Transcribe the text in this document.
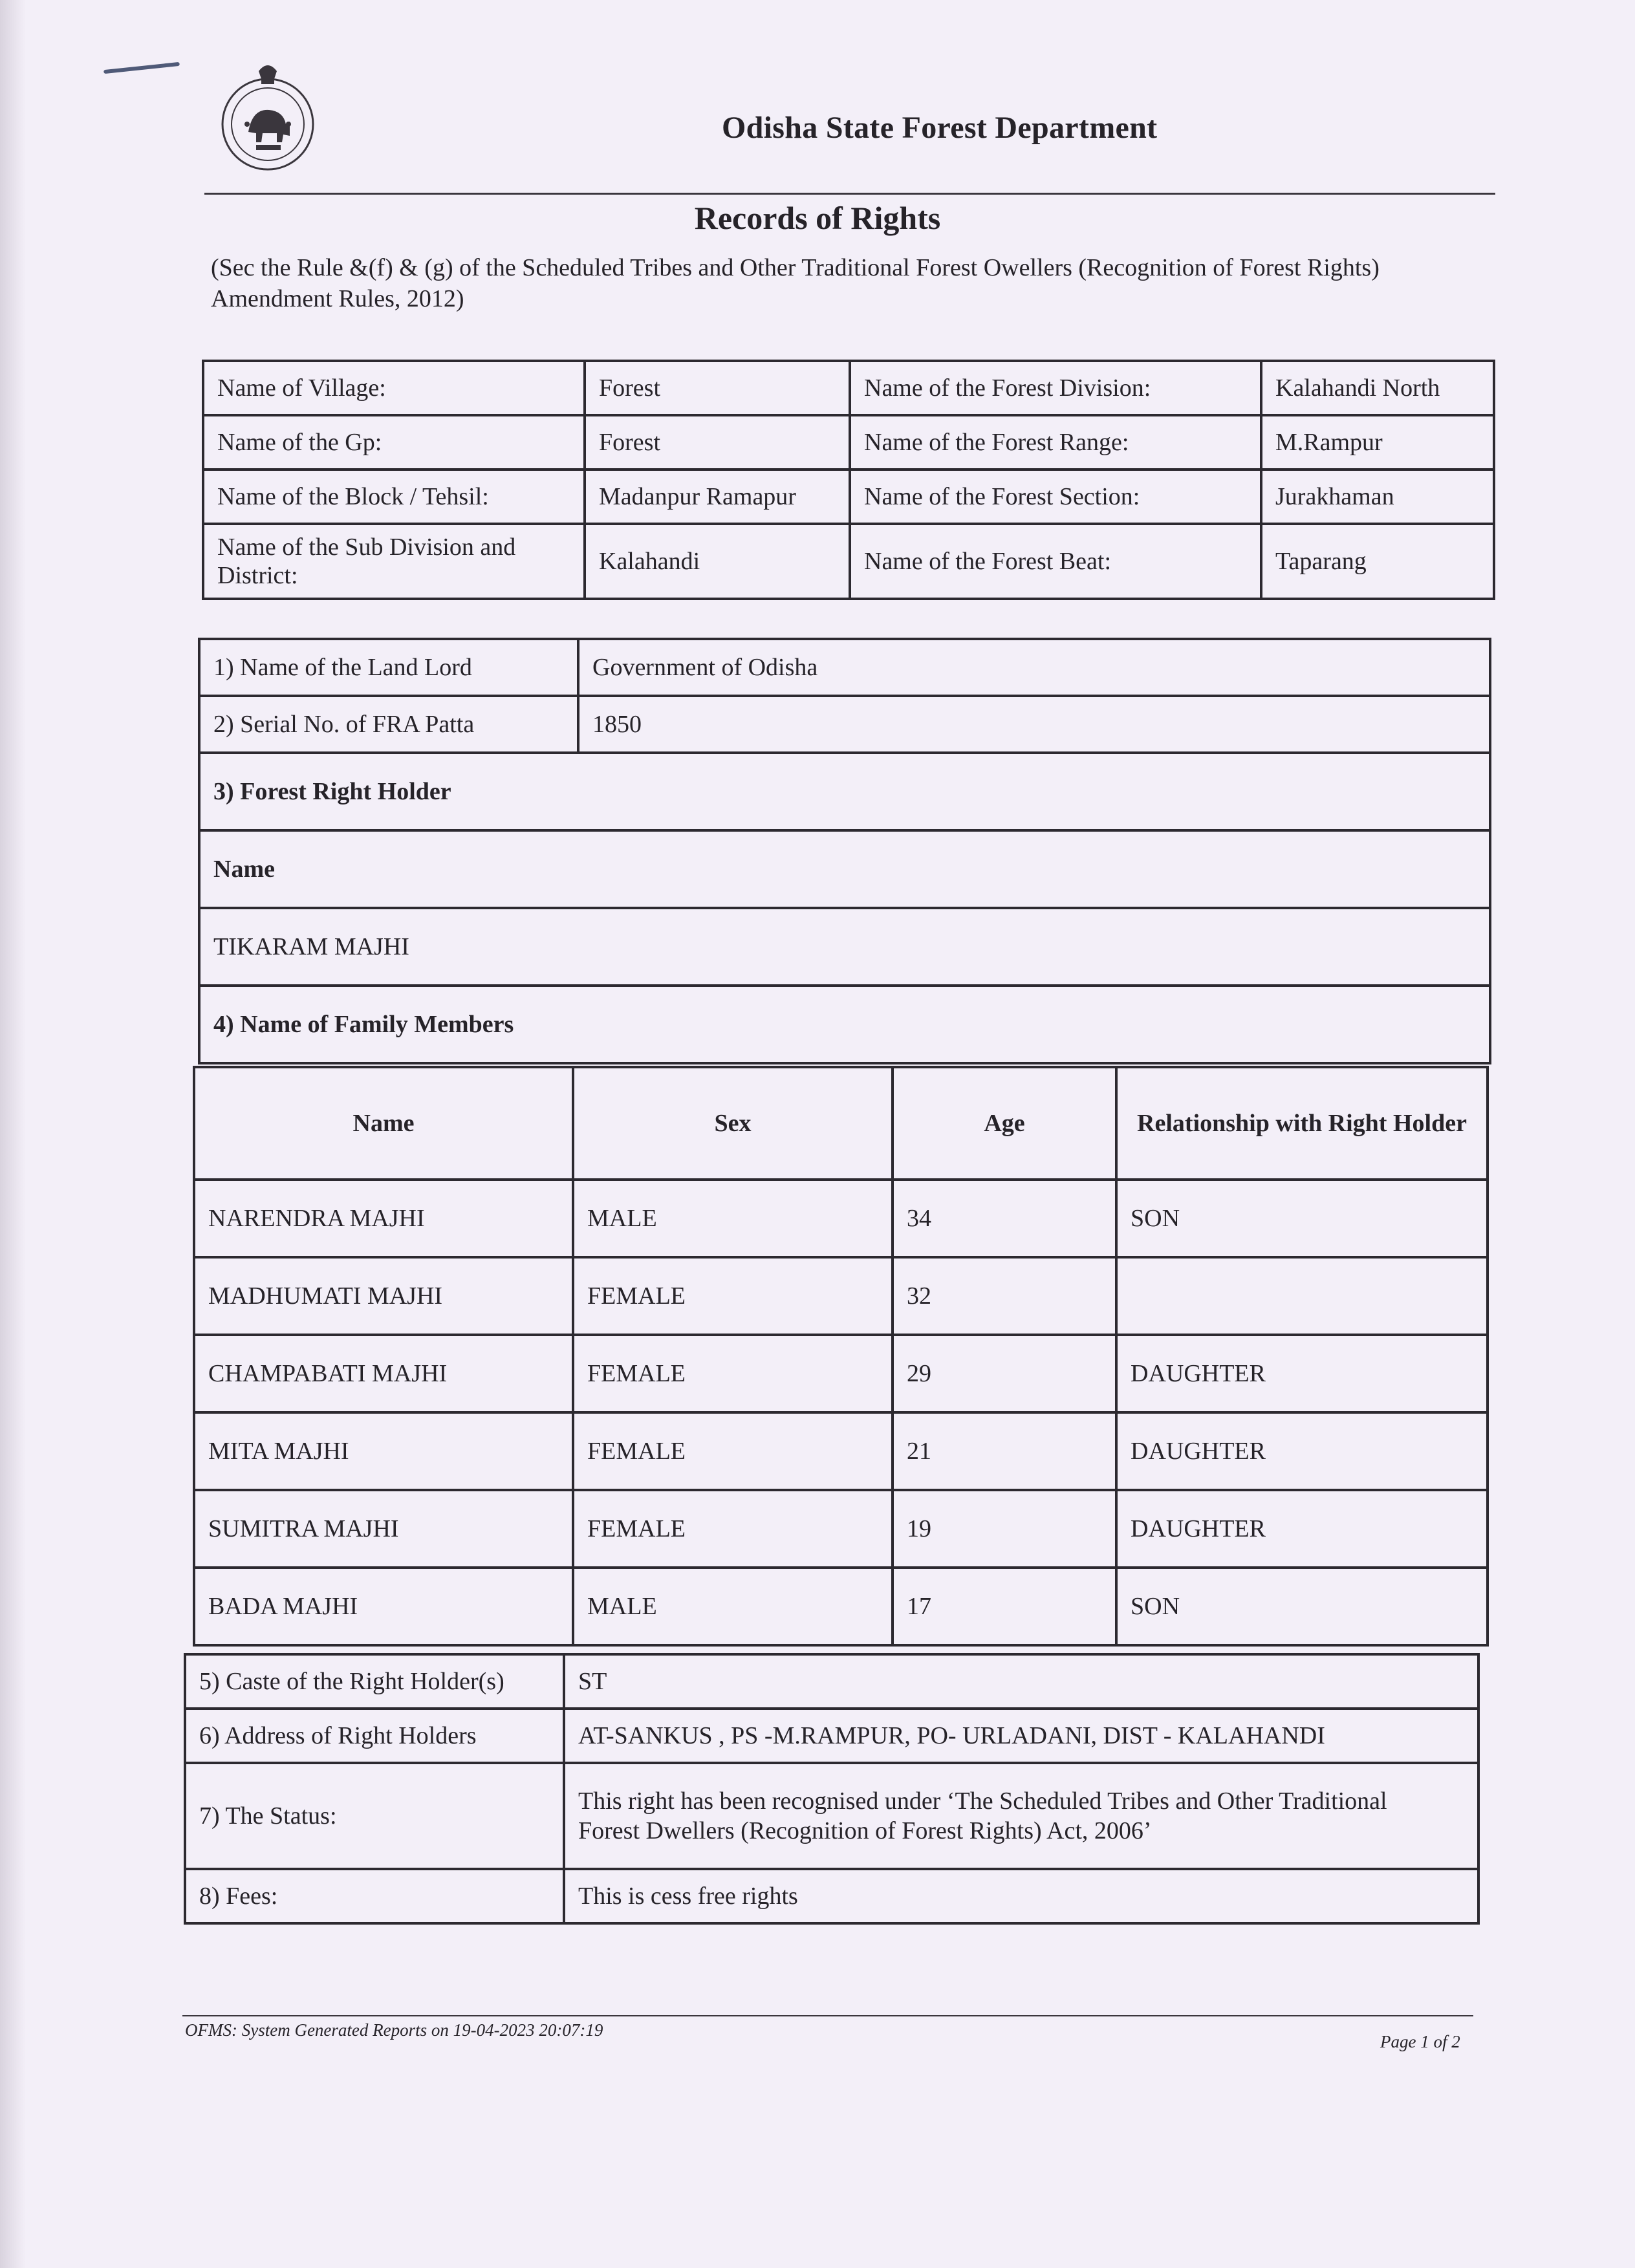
Odisha State Forest Department
Records of Rights
(Sec the Rule &(f) & (g) of the Scheduled Tribes and Other Traditional Forest Owellers (Recognition of Forest Rights) Amendment Rules, 2012)
Name of Village:	Forest	Name of the Forest Division:	Kalahandi North
Name of the Gp:	Forest	Name of the Forest Range:	M.Rampur
Name of the Block / Tehsil:	Madanpur Ramapur	Name of the Forest Section:	Jurakhaman
Name of the Sub Division and District:	Kalahandi	Name of the Forest Beat:	Taparang
1) Name of the Land Lord	Government of Odisha
2) Serial No. of FRA Patta	1850
3) Forest Right Holder	
Name	
TIKARAM MAJHI	
4) Name of Family Members	
Name	Sex	Age	Relationship with Right Holder
NARENDRA MAJHI	MALE	34	SON
MADHUMATI MAJHI	FEMALE	32	
CHAMPABATI MAJHI	FEMALE	29	DAUGHTER
MITA MAJHI	FEMALE	21	DAUGHTER
SUMITRA MAJHI	FEMALE	19	DAUGHTER
BADA MAJHI	MALE	17	SON
5) Caste of the Right Holder(s)	ST
6) Address of Right Holders	AT-SANKUS , PS -M.RAMPUR, PO- URLADANI, DIST - KALAHANDI
7) The Status:	This right has been recognised under ‘The Scheduled Tribes and Other Traditional
Forest Dwellers (Recognition of Forest Rights) Act, 2006’

8) Fees:	This is cess free rights
OFMS: System Generated Reports on 19-04-2023 20:07:19
Page 1 of 2
